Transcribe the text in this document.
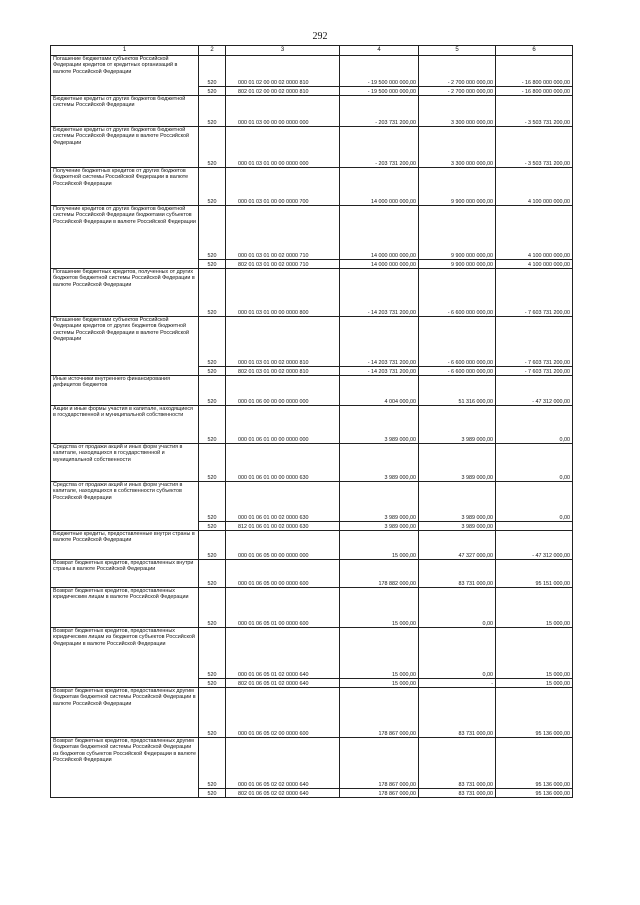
292
1	2	3	4	5	6

Погашение бюджетами субъектов Российской Федерации кредитов от кредитных организаций в валюте Российской Федерации	520	000 01 02 00 00 02 0000 810	- 19 500 000 000,00	- 2 700 000 000,00	- 16 800 000 000,00
	520	802 01 02 00 00 02 0000 810	- 19 500 000 000,00	- 2 700 000 000,00	- 16 800 000 000,00

Бюджетные кредиты от других бюджетов бюджетной системы Российской Федерации	520	000 01 03 00 00 00 0000 000	- 203 731 200,00	3 300 000 000,00	- 3 503 731 200,00

Бюджетные кредиты от других бюджетов бюджетной системы Российской Федерации в валюте Российской Федерации	520	000 01 03 01 00 00 0000 000	- 203 731 200,00	3 300 000 000,00	- 3 503 731 200,00

Получение бюджетных кредитов от других бюджетов бюджетной системы Российской Федерации в валюте Российской Федерации	520	000 01 03 01 00 00 0000 700	14 000 000 000,00	9 900 000 000,00	4 100 000 000,00

Получение кредитов от других бюджетов бюджетной системы Российской Федерации бюджетами субъектов Российской Федерации в валюте Российской Федерации	520	000 01 03 01 00 02 0000 710	14 000 000 000,00	9 900 000 000,00	4 100 000 000,00
	520	802 01 03 01 00 02 0000 710	14 000 000 000,00	9 900 000 000,00	4 100 000 000,00

Погашение бюджетных кредитов, полученных от других бюджетов бюджетной системы Российской Федерации в валюте Российской Федерации	520	000 01 03 01 00 00 0000 800	- 14 203 731 200,00	- 6 600 000 000,00	- 7 603 731 200,00

Погашение бюджетами субъектов Российской Федерации кредитов от других бюджетов бюджетной системы Российской Федерации в валюте Российской Федерации	520	000 01 03 01 00 02 0000 810	- 14 203 731 200,00	- 6 600 000 000,00	- 7 603 731 200,00
	520	802 01 03 01 00 02 0000 810	- 14 203 731 200,00	- 6 600 000 000,00	- 7 603 731 200,00

Иные источники внутреннего финансирования дефицитов бюджетов	520	000 01 06 00 00 00 0000 000	4 004 000,00	51 316 000,00	- 47 312 000,00

Акции и иные формы участия в капитале, находящиеся в государственной и муниципальной собственности	520	000 01 06 01 00 00 0000 000	3 989 000,00	3 989 000,00	0,00

Средства от продажи акций и иных форм участия в капитале, находящихся в государственной и муниципальной собственности	520	000 01 06 01 00 00 0000 630	3 989 000,00	3 989 000,00	0,00

Средства от продажи акций и иных форм участия в капитале, находящихся в собственности субъектов Российской Федерации	520	000 01 06 01 00 02 0000 630	3 989 000,00	3 989 000,00	0,00
	520	812 01 06 01 00 02 0000 630	3 989 000,00	3 989 000,00	

Бюджетные кредиты, предоставленные внутри страны в валюте Российской Федерации	520	000 01 06 05 00 00 0000 000	15 000,00	47 327 000,00	- 47 312 000,00

Возврат бюджетных кредитов, предоставленных внутри страны в валюте Российской Федерации	520	000 01 06 05 00 00 0000 600	178 882 000,00	83 731 000,00	95 151 000,00

Возврат бюджетных кредитов, предоставленных юридическим лицам в валюте Российской Федерации	520	000 01 06 05 01 00 0000 600	15 000,00	0,00	15 000,00

Возврат бюджетных кредитов, предоставленных юридическим лицам из бюджетов субъектов Российской Федерации в валюте Российской Федерации	520	000 01 06 05 01 02 0000 640	15 000,00	0,00	15 000,00
	520	802 01 06 05 01 02 0000 640	15 000,00	-	15 000,00

Возврат бюджетных кредитов, предоставленных другим бюджетам бюджетной системы Российской Федерации в валюте Российской Федерации	520	000 01 06 05 02 00 0000 600	178 867 000,00	83 731 000,00	95 136 000,00

Возврат бюджетных кредитов, предоставленных другим бюджетам бюджетной системы Российской Федерации из бюджетов субъектов Российской Федерации в валюте Российской Федерации	520	000 01 06 05 02 02 0000 640	178 867 000,00	83 731 000,00	95 136 000,00
	520	802 01 06 05 02 02 0000 640	178 867 000,00	83 731 000,00	95 136 000,00
